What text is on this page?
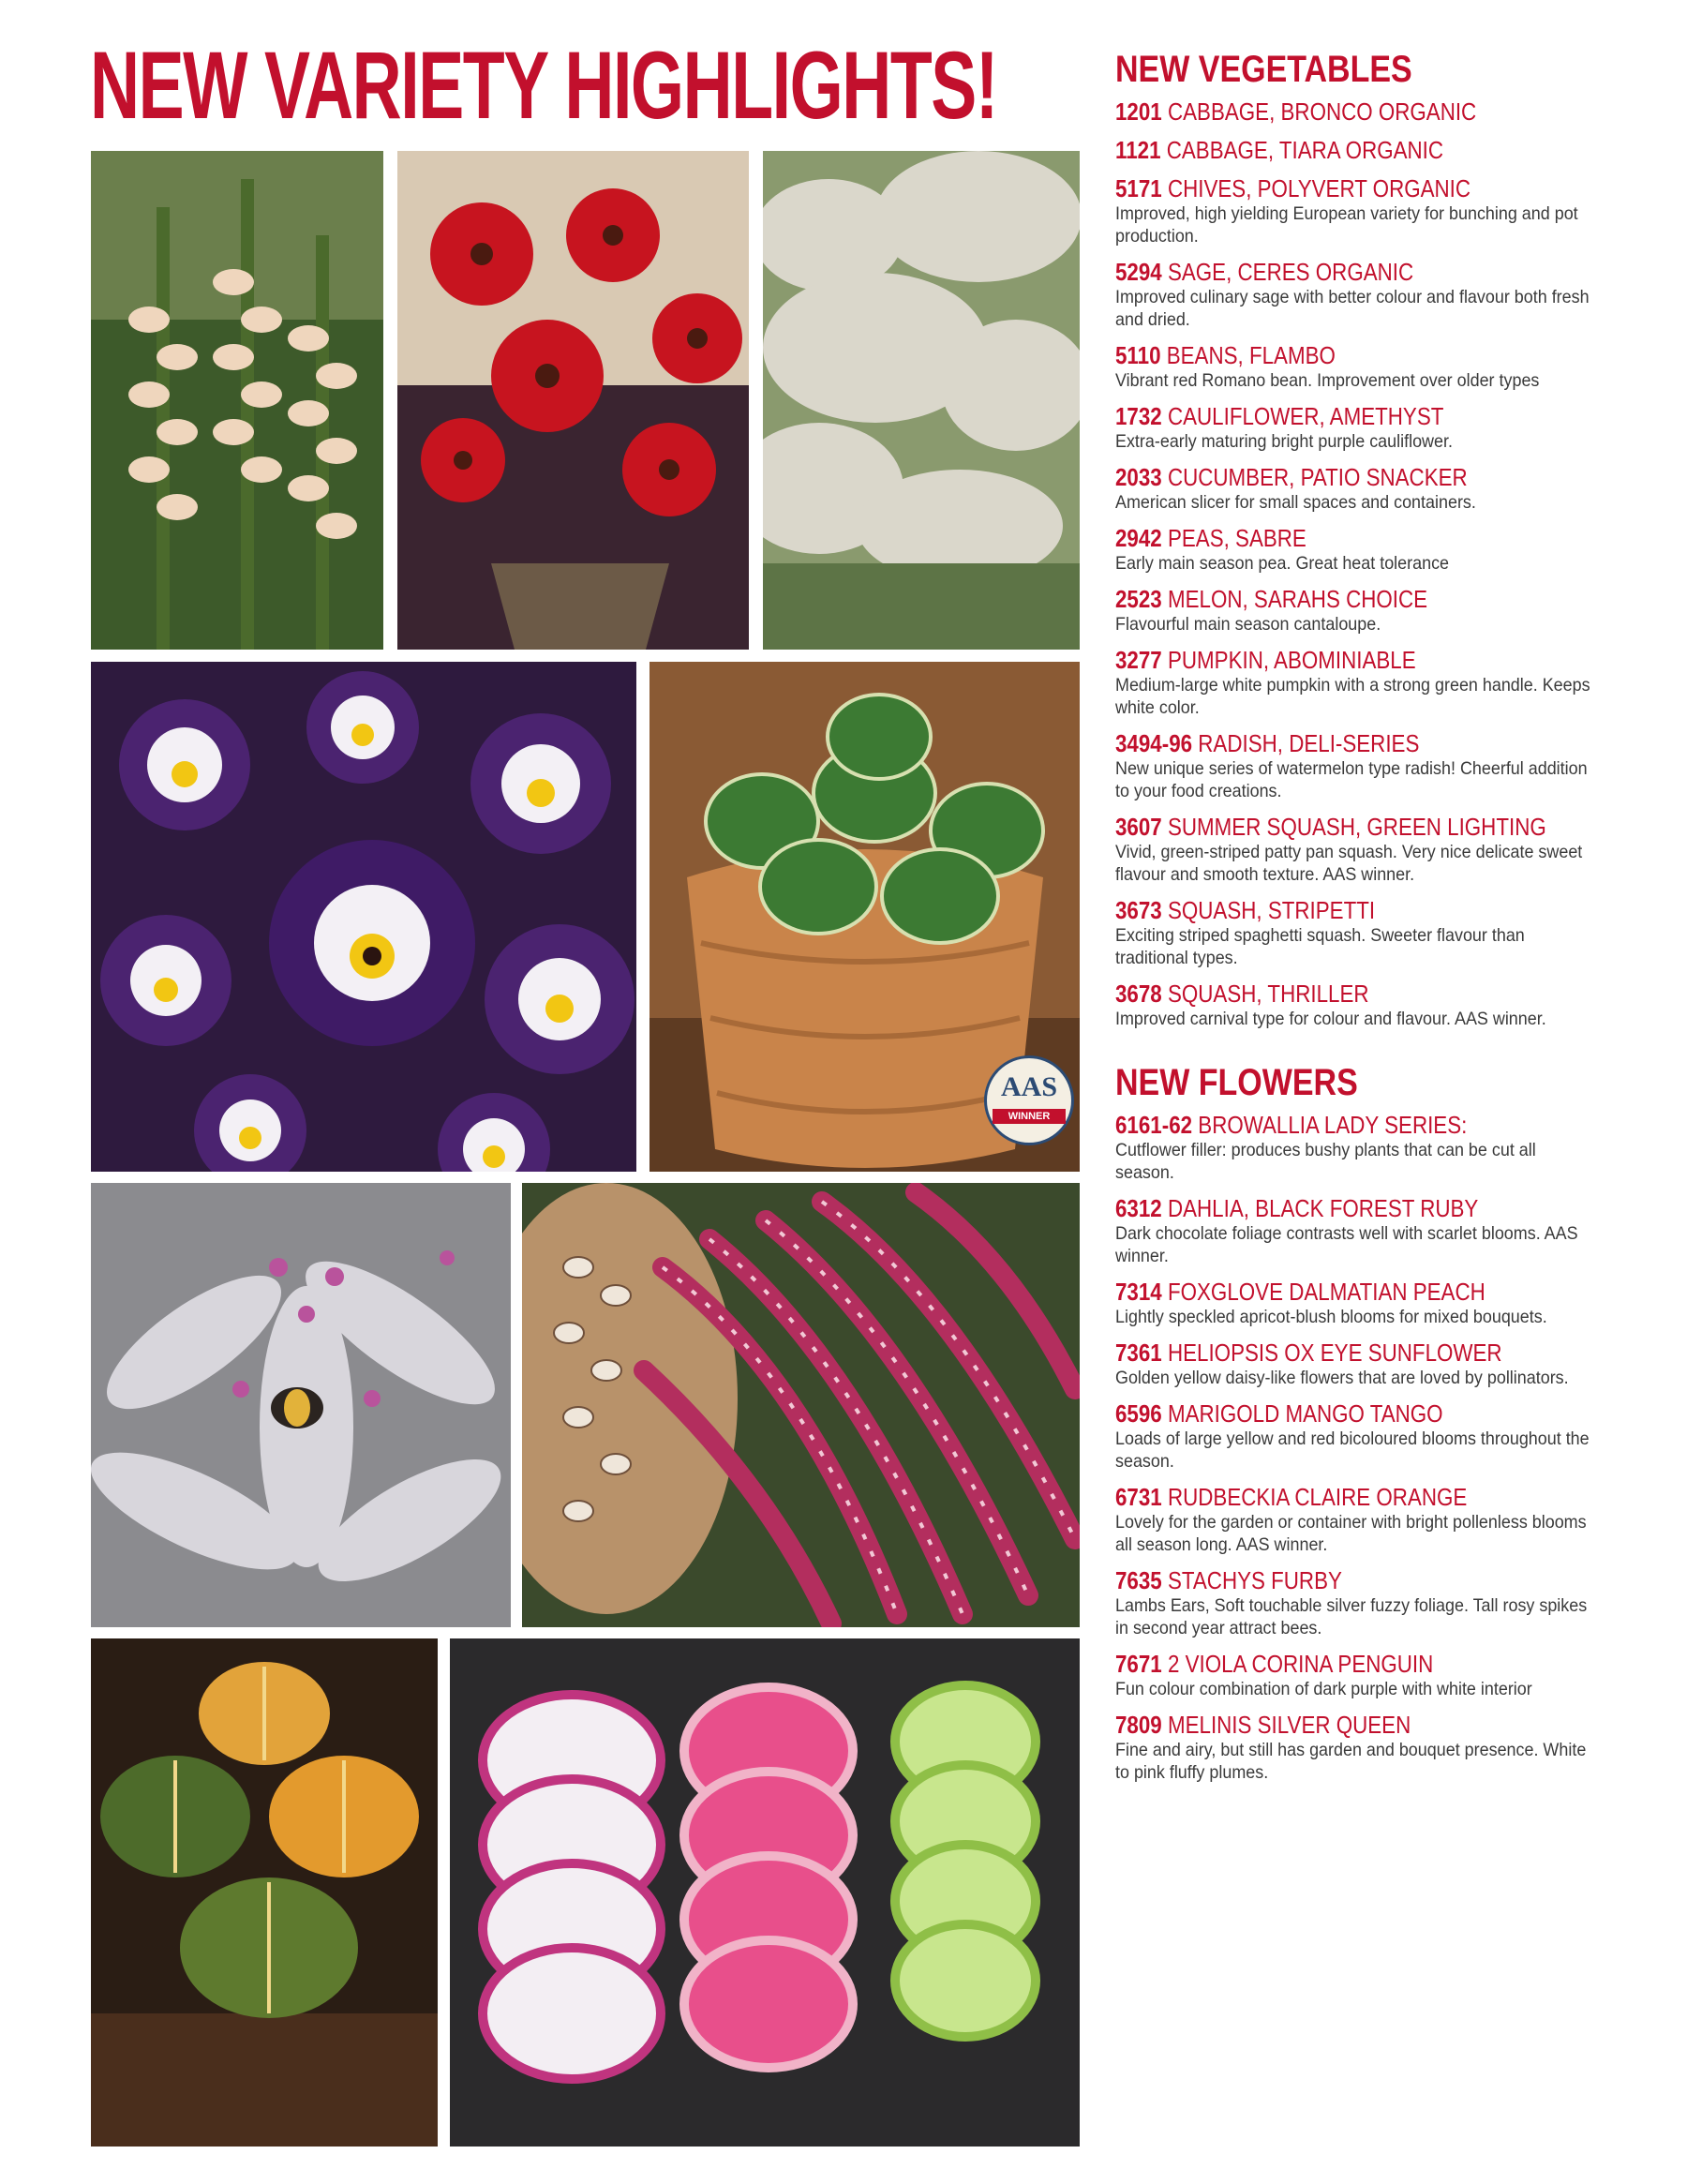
NEW VARIETY HIGHLIGHTS!
AAS
WINNER
NEW VEGETABLES
1201 CABBAGE, BRONCO ORGANIC
1121 CABBAGE, TIARA ORGANIC
5171 CHIVES, POLYVERT ORGANIC
Improved, high yielding European variety for bunching and pot production.
5294 SAGE, CERES ORGANIC
Improved culinary sage with better colour and flavour both fresh and dried.
5110 BEANS, FLAMBO
Vibrant red Romano bean. Improvement over older types
1732 CAULIFLOWER, AMETHYST
Extra-early maturing bright purple cauliflower.
2033 CUCUMBER, PATIO SNACKER
American slicer for small spaces and containers.
2942 PEAS, SABRE
Early main season pea. Great heat tolerance
2523 MELON, SARAHS CHOICE
Flavourful main season cantaloupe.
3277 PUMPKIN, ABOMINIABLE
Medium-large white pumpkin with a strong green handle. Keeps white color.
3494-96 RADISH, DELI-SERIES
New unique series of watermelon type radish! Cheerful addition to your food creations.
3607 SUMMER SQUASH, GREEN LIGHTING
Vivid, green-striped patty pan squash. Very nice delicate sweet flavour and smooth texture. AAS winner.
3673 SQUASH, STRIPETTI
Exciting striped spaghetti squash. Sweeter flavour than traditional types.
3678 SQUASH, THRILLER
Improved carnival type for colour and flavour. AAS winner.
NEW FLOWERS
6161-62 BROWALLIA LADY SERIES:
Cutflower filler: produces bushy plants that can be cut all season.
6312 DAHLIA, BLACK FOREST RUBY
Dark chocolate foliage contrasts well with scarlet blooms. AAS winner.
7314 FOXGLOVE DALMATIAN PEACH
Lightly speckled apricot-blush blooms for mixed bouquets.
7361 HELIOPSIS OX EYE SUNFLOWER
Golden yellow daisy-like flowers that are loved by pollinators.
6596 MARIGOLD MANGO TANGO
Loads of large yellow and red bicoloured blooms throughout the season.
6731 RUDBECKIA CLAIRE ORANGE
Lovely for the garden or container with bright pollenless blooms all season long. AAS winner.
7635 STACHYS FURBY
Lambs Ears, Soft touchable silver fuzzy foliage. Tall rosy spikes in second year attract bees.
7671 2 VIOLA CORINA PENGUIN
Fun colour combination of dark purple with white interior
7809 MELINIS SILVER QUEEN
Fine and airy, but still has garden and bouquet presence. White to pink fluffy plumes.
